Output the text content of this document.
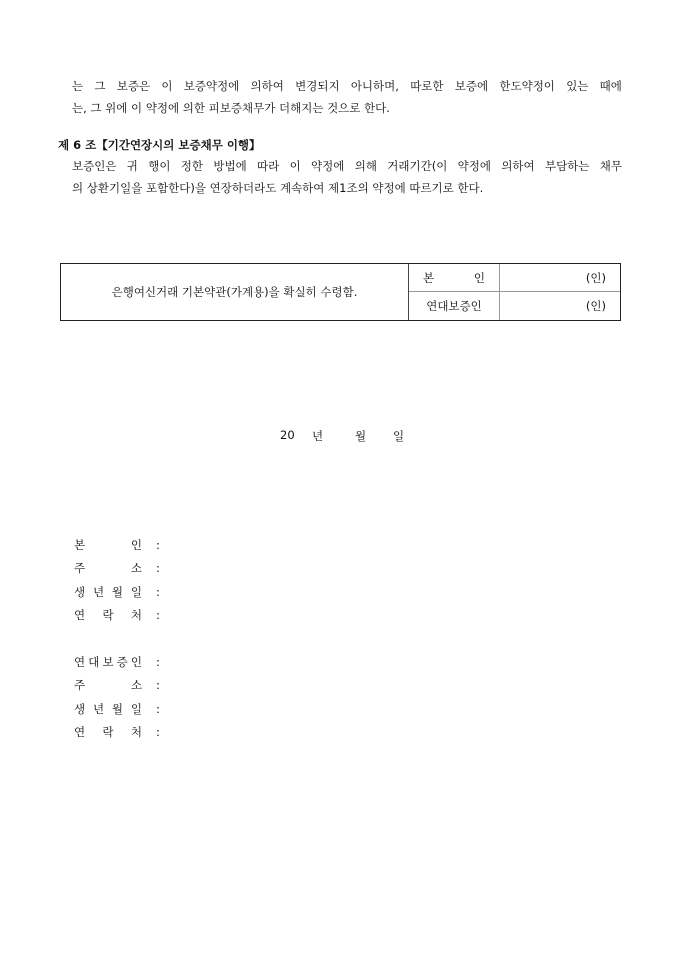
는 그 보증은 이 보증약정에 의하여 변경되지 아니하며, 따로한 보증에 한도약정이 있는 때에
는, 그 위에 이 약정에 의한 피보증채무가 더해지는 것으로 한다.
제 6 조【기간연장시의 보증채무 이행】
보증인은 귀 행이 정한 방법에 따라 이 약정에 의해 거래기간(이 약정에 의하여 부담하는 채무
의 상환기일을 포함한다)을 연장하더라도 계속하여 제1조의 약정에 따르기로 한다.
은행여신거래 기본약관(가계용)을 확실히 수령함.
본	인	(인)
연대보증인	(인)
20	년	월	일
본	인 :
주	소 :
생 년 월 일 :
연 락 처 :
연 대 보 증 인 :
주	소 :
생 년 월 일 :
연 락 처 :
